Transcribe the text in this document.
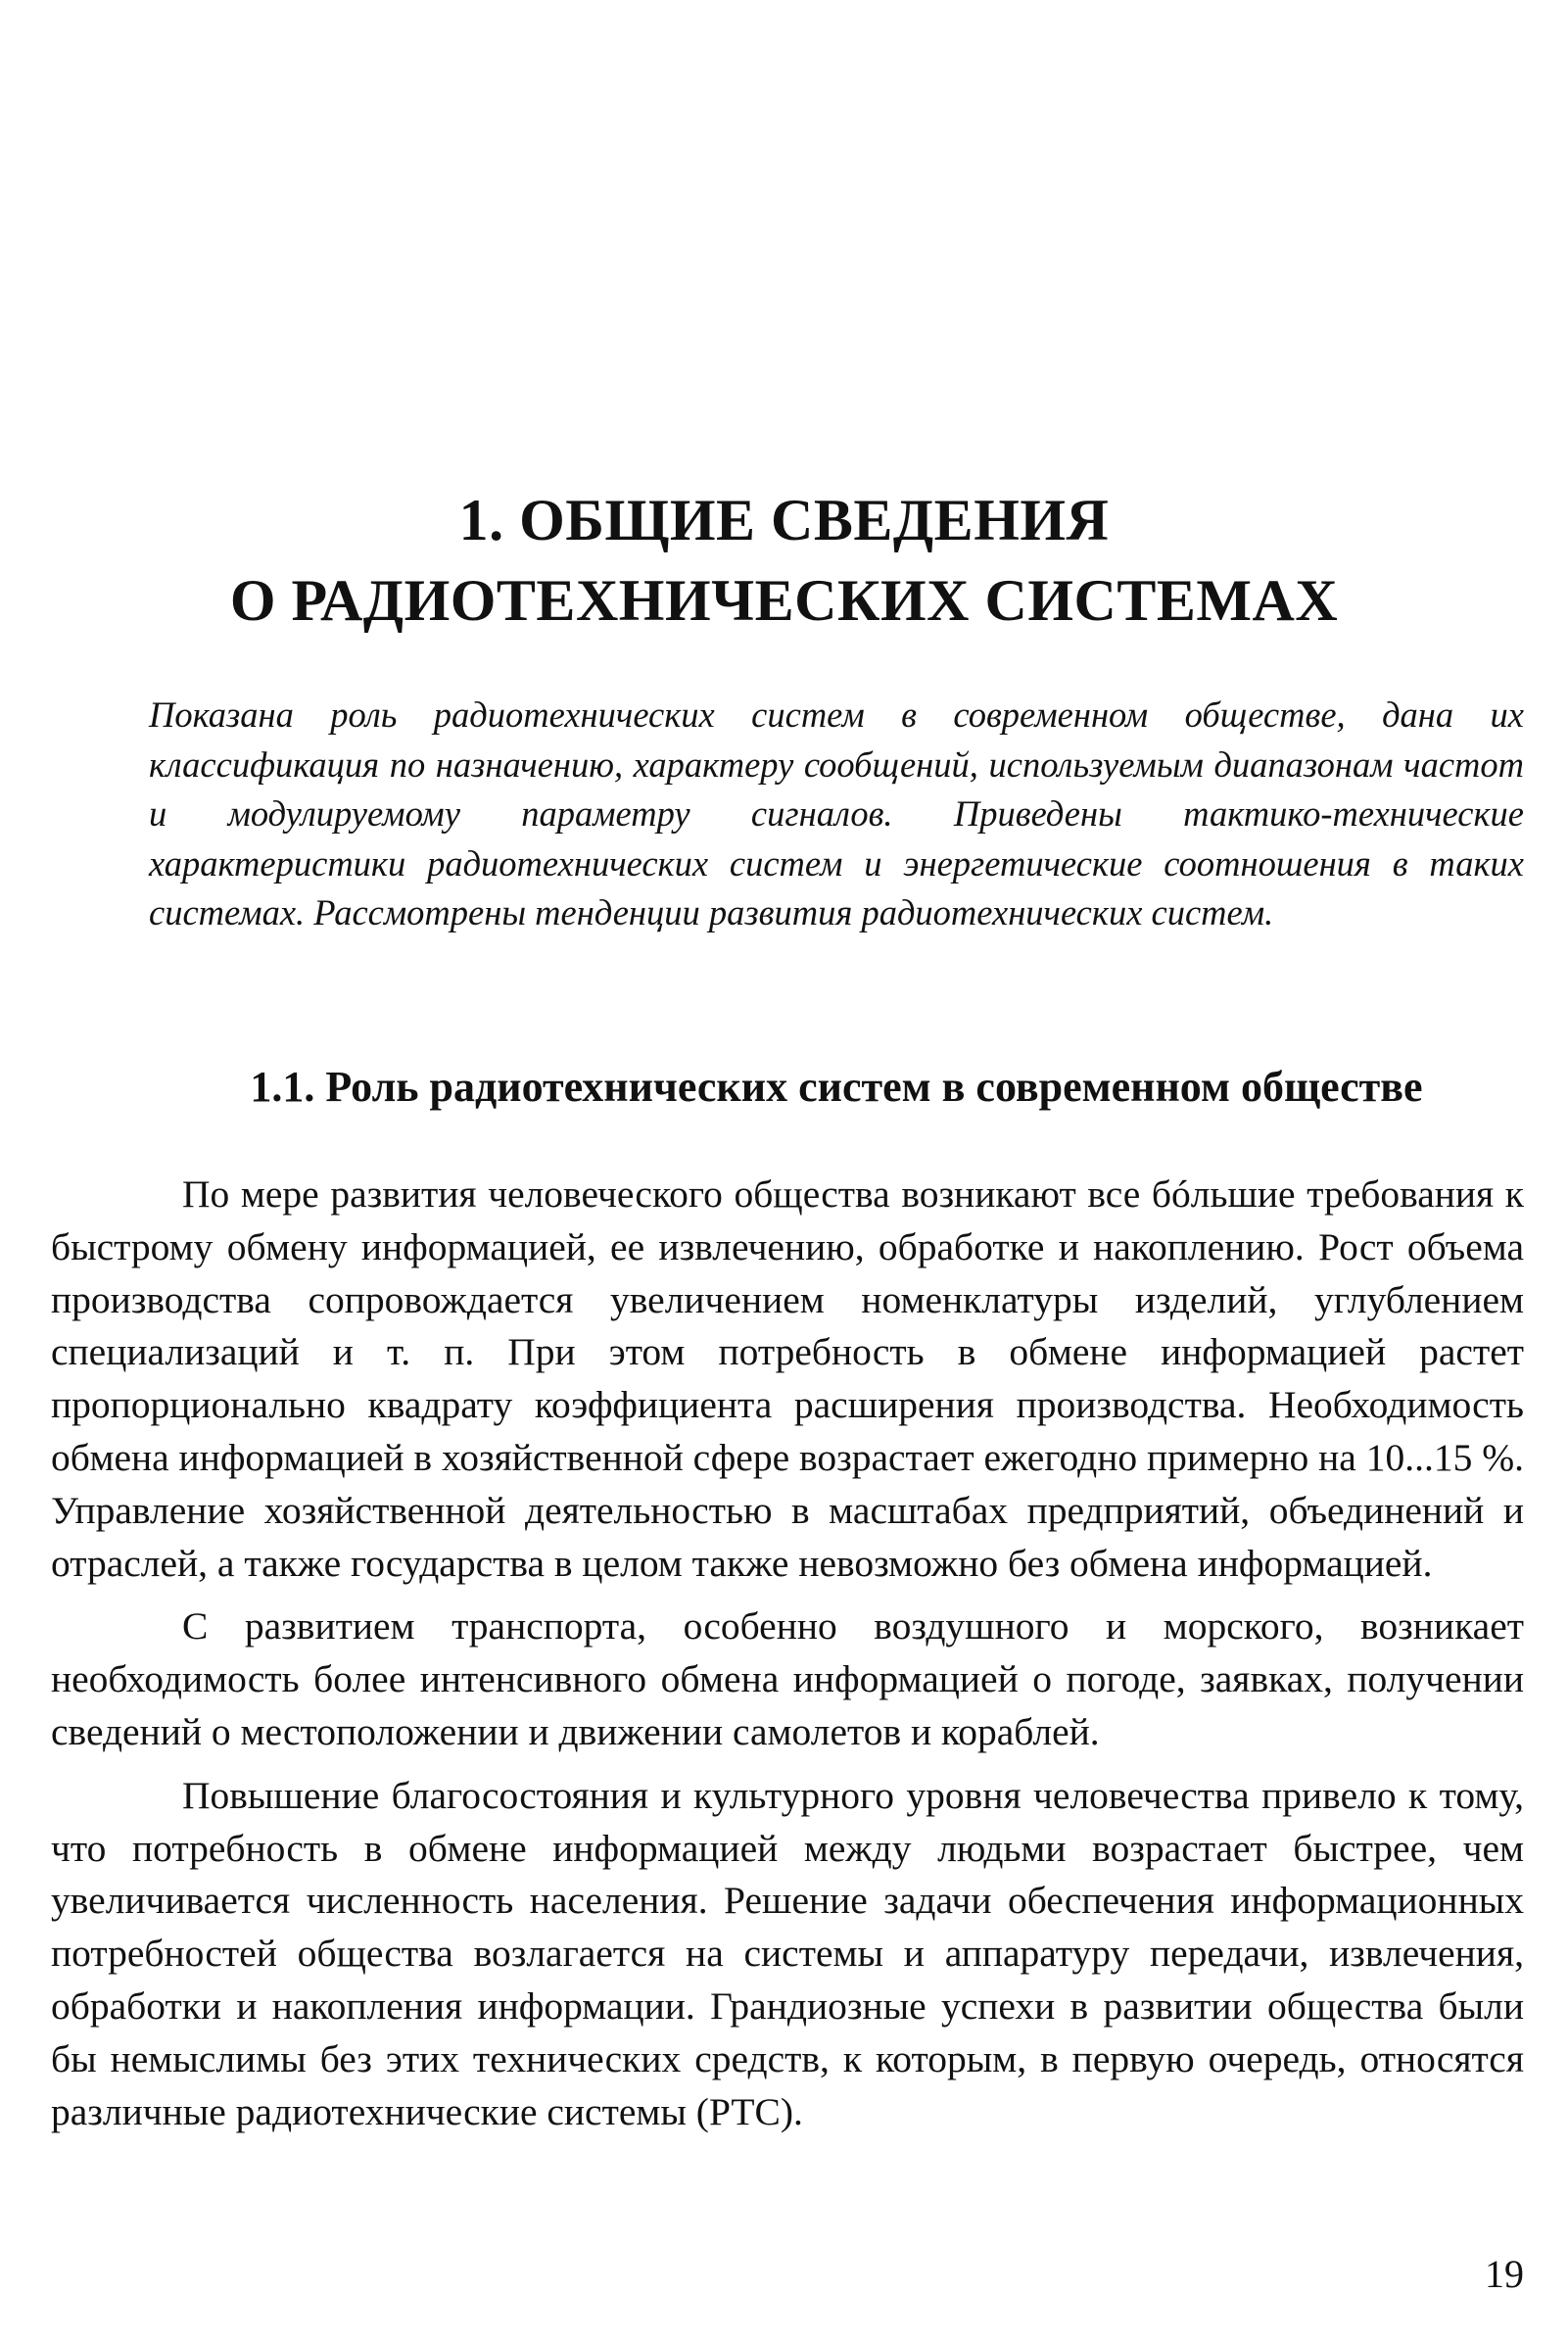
1. ОБЩИЕ СВЕДЕНИЯ
О РАДИОТЕХНИЧЕСКИХ СИСТЕМАХ
Показана роль радиотехнических систем в современном обществе, дана их классификация по назначению, характеру сообщений, используемым диапазонам частот и модулируемому параметру сигналов. Приведены тактико-технические характеристики радиотехнических систем и энергетические соотношения в таких системах. Рассмотрены тенденции развития радиотехнических систем.
1.1. Роль радиотехнических систем в современном обществе

По мере развития человеческого общества возникают все бóльшие требования к быстрому обмену информацией, ее извлечению, обработке и накоплению. Рост объема производства сопровождается увеличением номенклатуры изделий, углублением специализаций и т. п. При этом потребность в обмене информацией растет пропорционально квадрату коэффициента расширения производства. Необходимость обмена информацией в хозяйственной сфере возрастает ежегодно примерно на 10...15 %. Управление хозяйственной деятельностью в масштабах предприятий, объединений и отраслей, а также государства в целом также невозможно без обмена информацией.

С развитием транспорта, особенно воздушного и морского, возникает необходимость более интенсивного обмена информацией о погоде, заявках, получении сведений о местоположении и движении самолетов и кораблей.

Повышение благосостояния и культурного уровня человечества привело к тому, что потребность в обмене информацией между людьми возрастает быстрее, чем увеличивается численность населения. Решение задачи обеспечения информационных потребностей общества возлагается на системы и аппаратуру передачи, извлечения, обработки и накопления информации. Грандиозные успехи в развитии общества были бы немыслимы без этих технических средств, к которым, в первую очередь, относятся различные радиотехнические системы (РТС).

19
